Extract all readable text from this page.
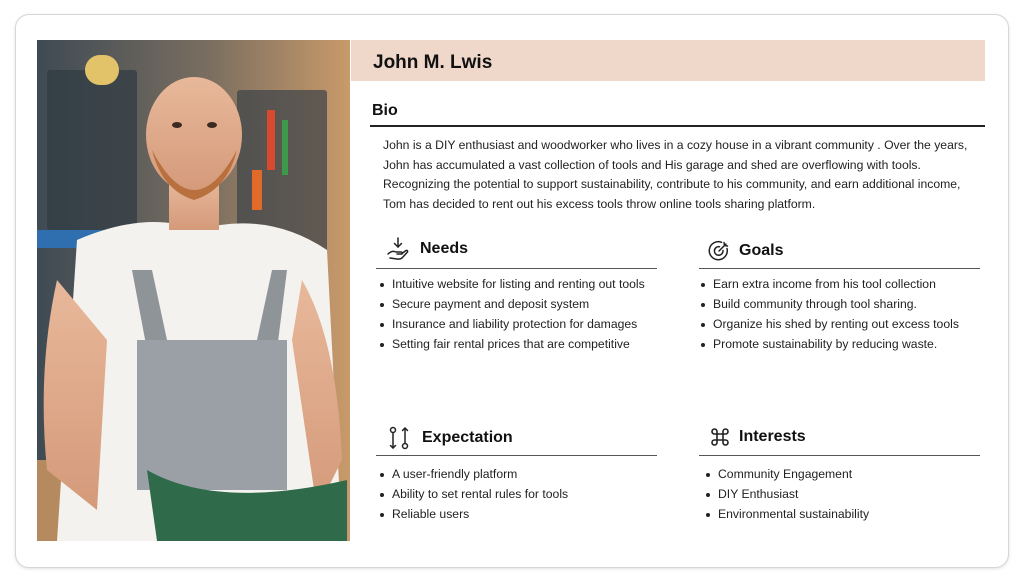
John M. Lwis
Bio

John is a DIY enthusiast and woodworker who lives in a cozy house in a vibrant community . Over the years, John has accumulated a vast collection of tools and His garage and shed are overflowing with tools. Recognizing the potential to support sustainability, contribute to his community, and earn additional income, Tom has decided to rent out his excess tools throw online tools sharing platform.

Needs
Intuitive website for listing and renting out tools
Secure payment and deposit system
Insurance and liability protection for damages
Setting fair rental prices that are competitive
Goals
Earn extra income from his tool collection
Build community through tool sharing.
Organize his shed by renting out excess tools
Promote sustainability by reducing waste.
Expectation
A user-friendly platform
Ability to set rental rules for tools
Reliable users
Interests
Community Engagement
DIY Enthusiast
Environmental sustainability
